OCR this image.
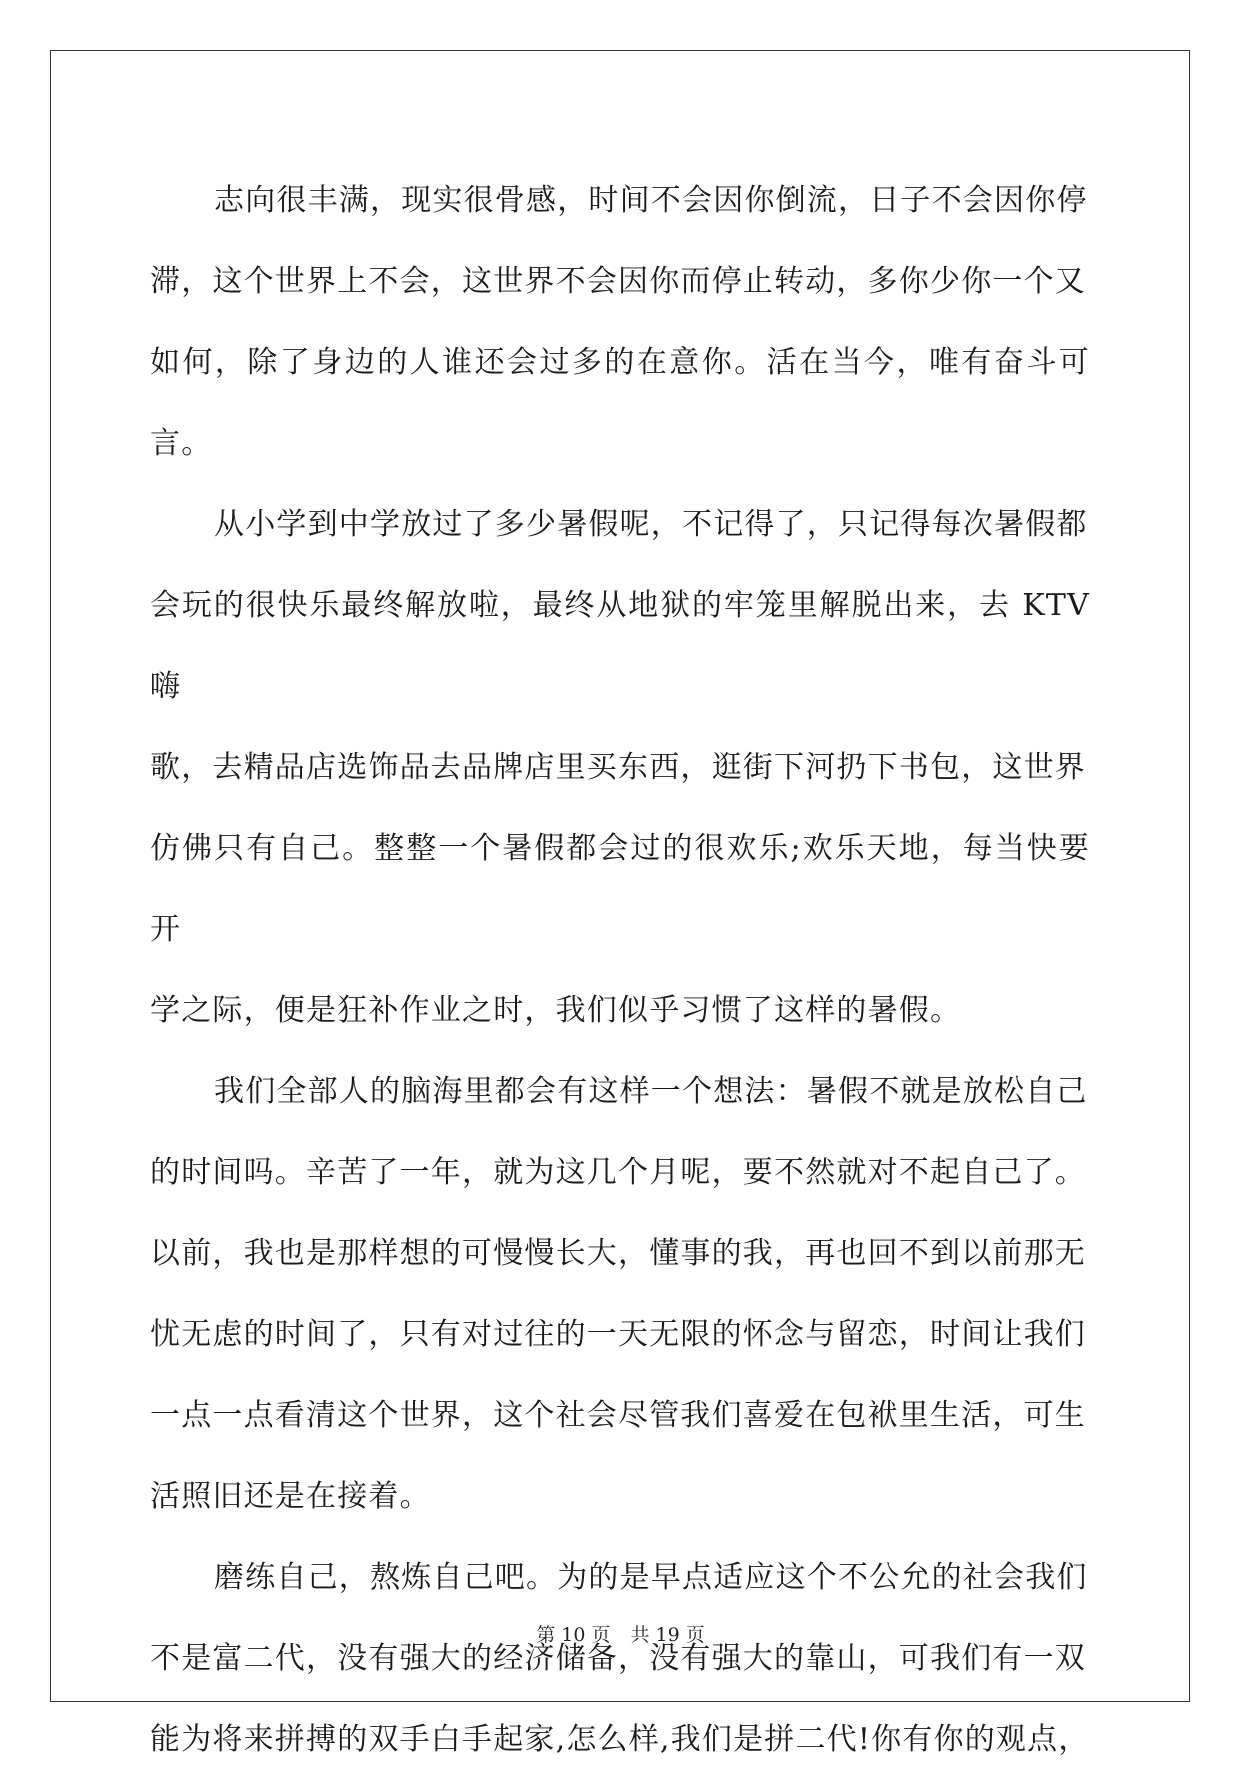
志向很丰满，现实很骨感，时间不会因你倒流，日子不会因你停
滞，这个世界上不会，这世界不会因你而停止转动，多你少你一个又
如何，除了身边的人谁还会过多的在意你。活在当今，唯有奋斗可言。

从小学到中学放过了多少暑假呢，不记得了，只记得每次暑假都
会玩的很快乐最终解放啦，最终从地狱的牢笼里解脱出来，去 KTV 嗨
歌，去精品店选饰品去品牌店里买东西，逛街下河扔下书包，这世界
仿佛只有自己。整整一个暑假都会过的很欢乐;欢乐天地，每当快要开
学之际，便是狂补作业之时，我们似乎习惯了这样的暑假。

我们全部人的脑海里都会有这样一个想法：暑假不就是放松自己
的时间吗。辛苦了一年，就为这几个月呢，要不然就对不起自己了。
以前，我也是那样想的可慢慢长大，懂事的我，再也回不到以前那无
忧无虑的时间了，只有对过往的一天无限的怀念与留恋，时间让我们
一点一点看清这个世界，这个社会尽管我们喜爱在包袱里生活，可生
活照旧还是在接着。

磨练自己，熬炼自己吧。为的是早点适应这个不公允的社会我们
不是富二代，没有强大的经济储备，没有强大的靠山，可我们有一双
能为将来拼搏的双手白手起家,怎么样,我们是拼二代!你有你的观点，

第 10 页 共 19 页
